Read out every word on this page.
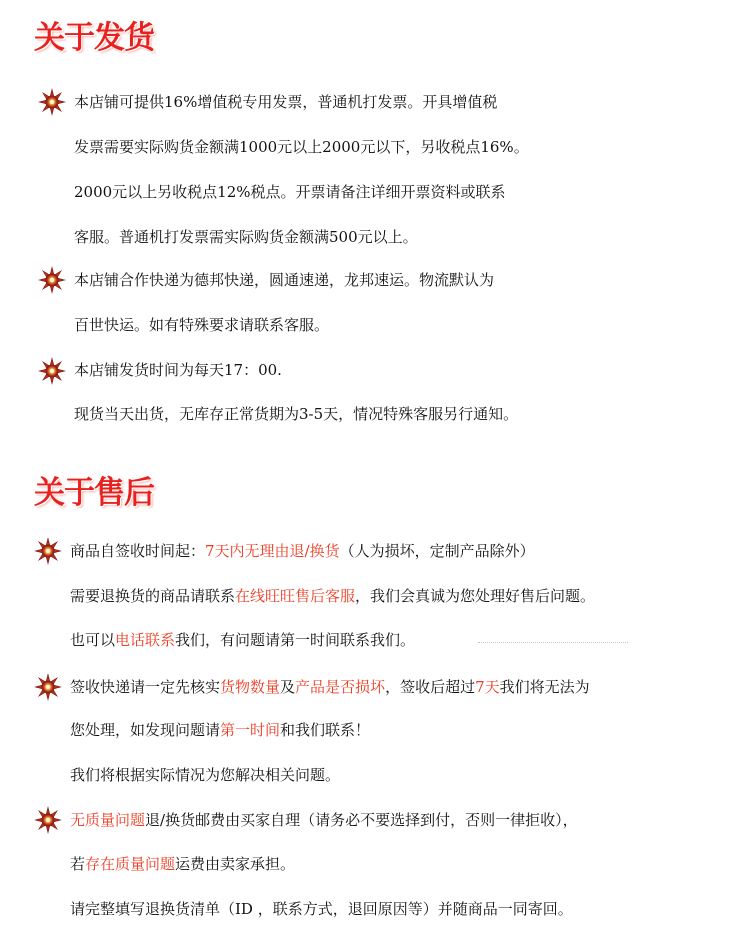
关于发货
本店铺可提供16%增值税专用发票，普通机打发票。开具增值税
发票需要实际购货金额满1000元以上2000元以下，另收税点16%。
2000元以上另收税点12%税点。开票请备注详细开票资料或联系
客服。普通机打发票需实际购货金额满500元以上。
本店铺合作快递为德邦快递，圆通速递，龙邦速运。物流默认为
百世快运。如有特殊要求请联系客服。
本店铺发货时间为每天17：00.
现货当天出货，无库存正常货期为3-5天，情况特殊客服另行通知。
关于售后
商品自签收时间起：7天内无理由退/换货（人为损坏，定制产品除外）
需要退换货的商品请联系在线旺旺售后客服，我们会真诚为您处理好售后问题。
也可以电话联系我们，有问题请第一时间联系我们。
签收快递请一定先核实货物数量及产品是否损坏，签收后超过7天我们将无法为
您处理，如发现问题请第一时间和我们联系！
我们将根据实际情况为您解决相关问题。
无质量问题退/换货邮费由买家自理（请务必不要选择到付，否则一律拒收），
若存在质量问题运费由卖家承担。
请完整填写退换货清单（ID ，联系方式，退回原因等）并随商品一同寄回。
